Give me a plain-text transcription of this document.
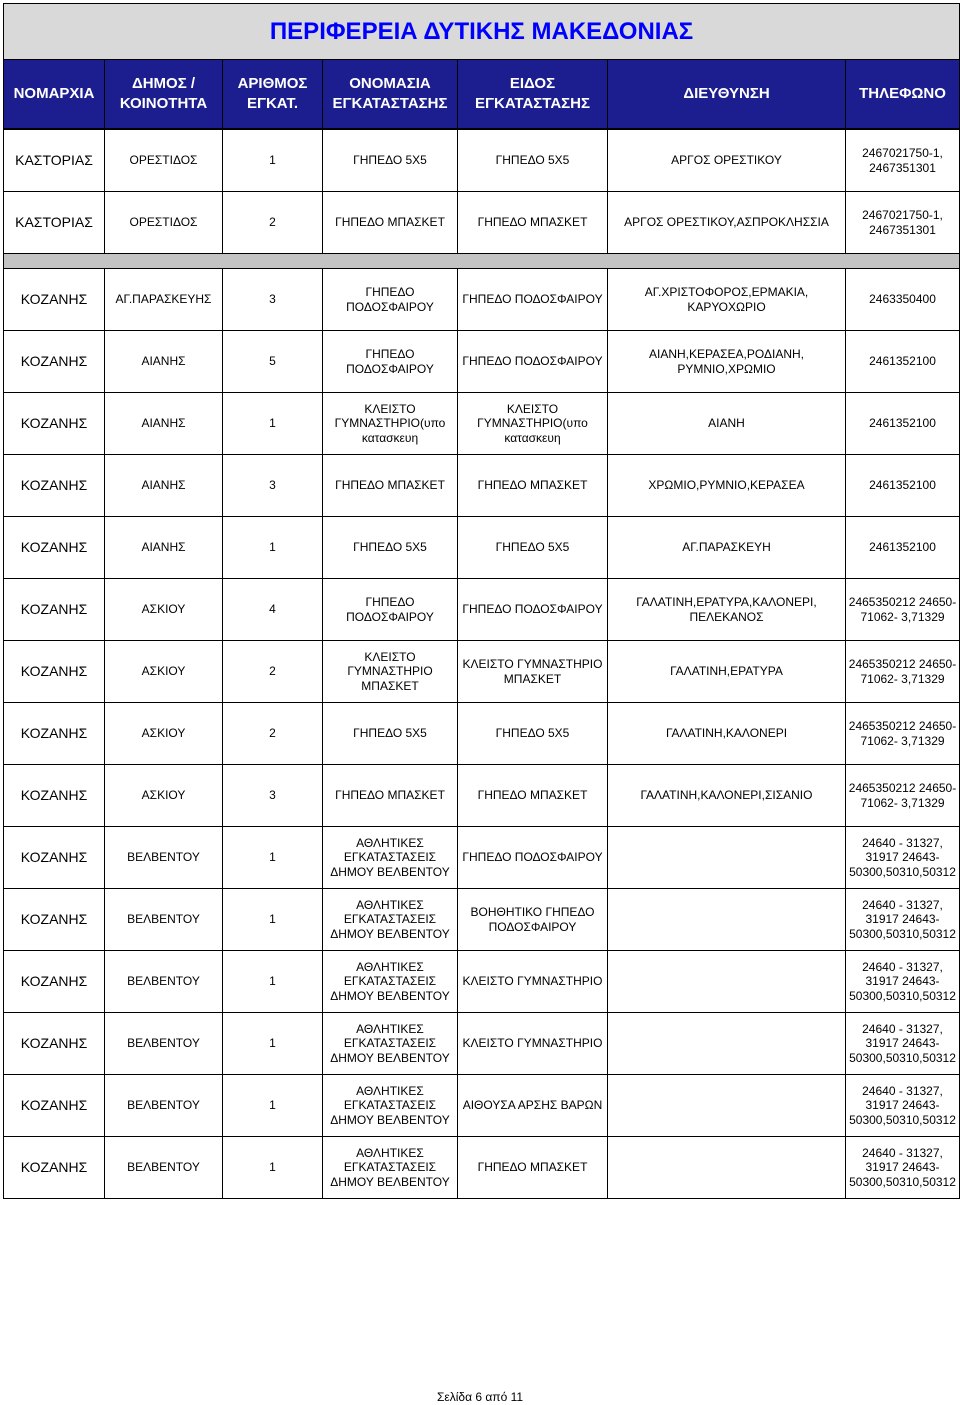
ΠΕΡΙΦΕΡΕΙΑ ΔΥΤΙΚΗΣ ΜΑΚΕΔΟΝΙΑΣ						
ΝΟΜΑΡΧΙΑ	ΔΗΜΟΣ / ΚΟΙΝΟΤΗΤΑ	ΑΡΙΘΜΟΣ ΕΓΚΑΤ.	ΟΝΟΜΑΣΙΑ ΕΓΚΑΤΑΣΤΑΣΗΣ	ΕΙΔΟΣ ΕΓΚΑΤΑΣΤΑΣΗΣ	ΔΙΕΥΘΥΝΣΗ	ΤΗΛΕΦΩΝΟ

ΚΑΣΤΟΡΙΑΣ	ΟΡΕΣΤΙΔΟΣ	1	ΓΗΠΕΔΟ 5Χ5	ΓΗΠΕΔΟ 5Χ5	ΑΡΓΟΣ ΟΡΕΣΤΙΚΟΥ	2467021750-1, 2467351301
ΚΑΣΤΟΡΙΑΣ	ΟΡΕΣΤΙΔΟΣ	2	ΓΗΠΕΔΟ ΜΠΑΣΚΕΤ	ΓΗΠΕΔΟ ΜΠΑΣΚΕΤ	ΑΡΓΟΣ ΟΡΕΣΤΙΚΟΥ,ΑΣΠΡΟΚΛΗΣΣΙΑ	2467021750-1, 2467351301

ΚΟΖΑΝΗΣ	ΑΓ.ΠΑΡΑΣΚΕΥΗΣ	3	ΓΗΠΕΔΟ ΠΟΔΟΣΦΑΙΡΟΥ	ΓΗΠΕΔΟ ΠΟΔΟΣΦΑΙΡΟΥ	ΑΓ.ΧΡΙΣΤΟΦΟΡΟΣ,ΕΡΜΑΚΙΑ, ΚΑΡΥΟΧΩΡΙΟ	2463350400
ΚΟΖΑΝΗΣ	ΑΙΑΝΗΣ	5	ΓΗΠΕΔΟ ΠΟΔΟΣΦΑΙΡΟΥ	ΓΗΠΕΔΟ ΠΟΔΟΣΦΑΙΡΟΥ	ΑΙΑΝΗ,ΚΕΡΑΣΕΑ,ΡΟΔΙΑΝΗ, ΡΥΜΝΙΟ,ΧΡΩΜΙΟ	2461352100
ΚΟΖΑΝΗΣ	ΑΙΑΝΗΣ	1	ΚΛΕΙΣΤΟ ΓΥΜΝΑΣΤΗΡΙΟ(υπο κατασκευη	ΚΛΕΙΣΤΟ ΓΥΜΝΑΣΤΗΡΙΟ(υπο κατασκευη	ΑΙΑΝΗ	2461352100
ΚΟΖΑΝΗΣ	ΑΙΑΝΗΣ	3	ΓΗΠΕΔΟ ΜΠΑΣΚΕΤ	ΓΗΠΕΔΟ ΜΠΑΣΚΕΤ	ΧΡΩΜΙΟ,ΡΥΜΝΙΟ,ΚΕΡΑΣΕΑ	2461352100
ΚΟΖΑΝΗΣ	ΑΙΑΝΗΣ	1	ΓΗΠΕΔΟ 5Χ5	ΓΗΠΕΔΟ 5Χ5	ΑΓ.ΠΑΡΑΣΚΕΥΗ	2461352100
ΚΟΖΑΝΗΣ	ΑΣΚΙΟΥ	4	ΓΗΠΕΔΟ ΠΟΔΟΣΦΑΙΡΟΥ	ΓΗΠΕΔΟ ΠΟΔΟΣΦΑΙΡΟΥ	ΓΑΛΑΤΙΝΗ,ΕΡΑΤΥΡΑ,ΚΑΛΟΝΕΡΙ, ΠΕΛΕΚΑΝΟΣ	2465350212 24650-71062- 3,71329
ΚΟΖΑΝΗΣ	ΑΣΚΙΟΥ	2	ΚΛΕΙΣΤΟ ΓΥΜΝΑΣΤΗΡΙΟ ΜΠΑΣΚΕΤ	ΚΛΕΙΣΤΟ ΓΥΜΝΑΣΤΗΡΙΟ ΜΠΑΣΚΕΤ	ΓΑΛΑΤΙΝΗ,ΕΡΑΤΥΡΑ	2465350212 24650-71062- 3,71329
ΚΟΖΑΝΗΣ	ΑΣΚΙΟΥ	2	ΓΗΠΕΔΟ 5Χ5	ΓΗΠΕΔΟ 5Χ5	ΓΑΛΑΤΙΝΗ,ΚΑΛΟΝΕΡΙ	2465350212 24650-71062- 3,71329
ΚΟΖΑΝΗΣ	ΑΣΚΙΟΥ	3	ΓΗΠΕΔΟ ΜΠΑΣΚΕΤ	ΓΗΠΕΔΟ ΜΠΑΣΚΕΤ	ΓΑΛΑΤΙΝΗ,ΚΑΛΟΝΕΡΙ,ΣΙΣΑΝΙΟ	2465350212 24650-71062- 3,71329
ΚΟΖΑΝΗΣ	ΒΕΛΒΕΝΤΟΥ	1	ΑΘΛΗΤΙΚΕΣ ΕΓΚΑΤΑΣΤΑΣΕΙΣ ΔΗΜΟΥ ΒΕΛΒΕΝΤΟΥ	ΓΗΠΕΔΟ ΠΟΔΟΣΦΑΙΡΟΥ		24640 - 31327, 31917 24643- 50300,50310,50312
ΚΟΖΑΝΗΣ	ΒΕΛΒΕΝΤΟΥ	1	ΑΘΛΗΤΙΚΕΣ ΕΓΚΑΤΑΣΤΑΣΕΙΣ ΔΗΜΟΥ ΒΕΛΒΕΝΤΟΥ	ΒΟΗΘΗΤΙΚΟ ΓΗΠΕΔΟ ΠΟΔΟΣΦΑΙΡΟΥ		24640 - 31327, 31917 24643- 50300,50310,50312
ΚΟΖΑΝΗΣ	ΒΕΛΒΕΝΤΟΥ	1	ΑΘΛΗΤΙΚΕΣ ΕΓΚΑΤΑΣΤΑΣΕΙΣ ΔΗΜΟΥ ΒΕΛΒΕΝΤΟΥ	ΚΛΕΙΣΤΟ ΓΥΜΝΑΣΤΗΡΙΟ		24640 - 31327, 31917 24643- 50300,50310,50312
ΚΟΖΑΝΗΣ	ΒΕΛΒΕΝΤΟΥ	1	ΑΘΛΗΤΙΚΕΣ ΕΓΚΑΤΑΣΤΑΣΕΙΣ ΔΗΜΟΥ ΒΕΛΒΕΝΤΟΥ	ΚΛΕΙΣΤΟ ΓΥΜΝΑΣΤΗΡΙΟ		24640 - 31327, 31917 24643- 50300,50310,50312
ΚΟΖΑΝΗΣ	ΒΕΛΒΕΝΤΟΥ	1	ΑΘΛΗΤΙΚΕΣ ΕΓΚΑΤΑΣΤΑΣΕΙΣ ΔΗΜΟΥ ΒΕΛΒΕΝΤΟΥ	ΑΙΘΟΥΣΑ ΑΡΣΗΣ ΒΑΡΩΝ		24640 - 31327, 31917 24643- 50300,50310,50312
ΚΟΖΑΝΗΣ	ΒΕΛΒΕΝΤΟΥ	1	ΑΘΛΗΤΙΚΕΣ ΕΓΚΑΤΑΣΤΑΣΕΙΣ ΔΗΜΟΥ ΒΕΛΒΕΝΤΟΥ	ΓΗΠΕΔΟ ΜΠΑΣΚΕΤ		24640 - 31327, 31917 24643- 50300,50310,50312
Σελίδα 6 από 11
